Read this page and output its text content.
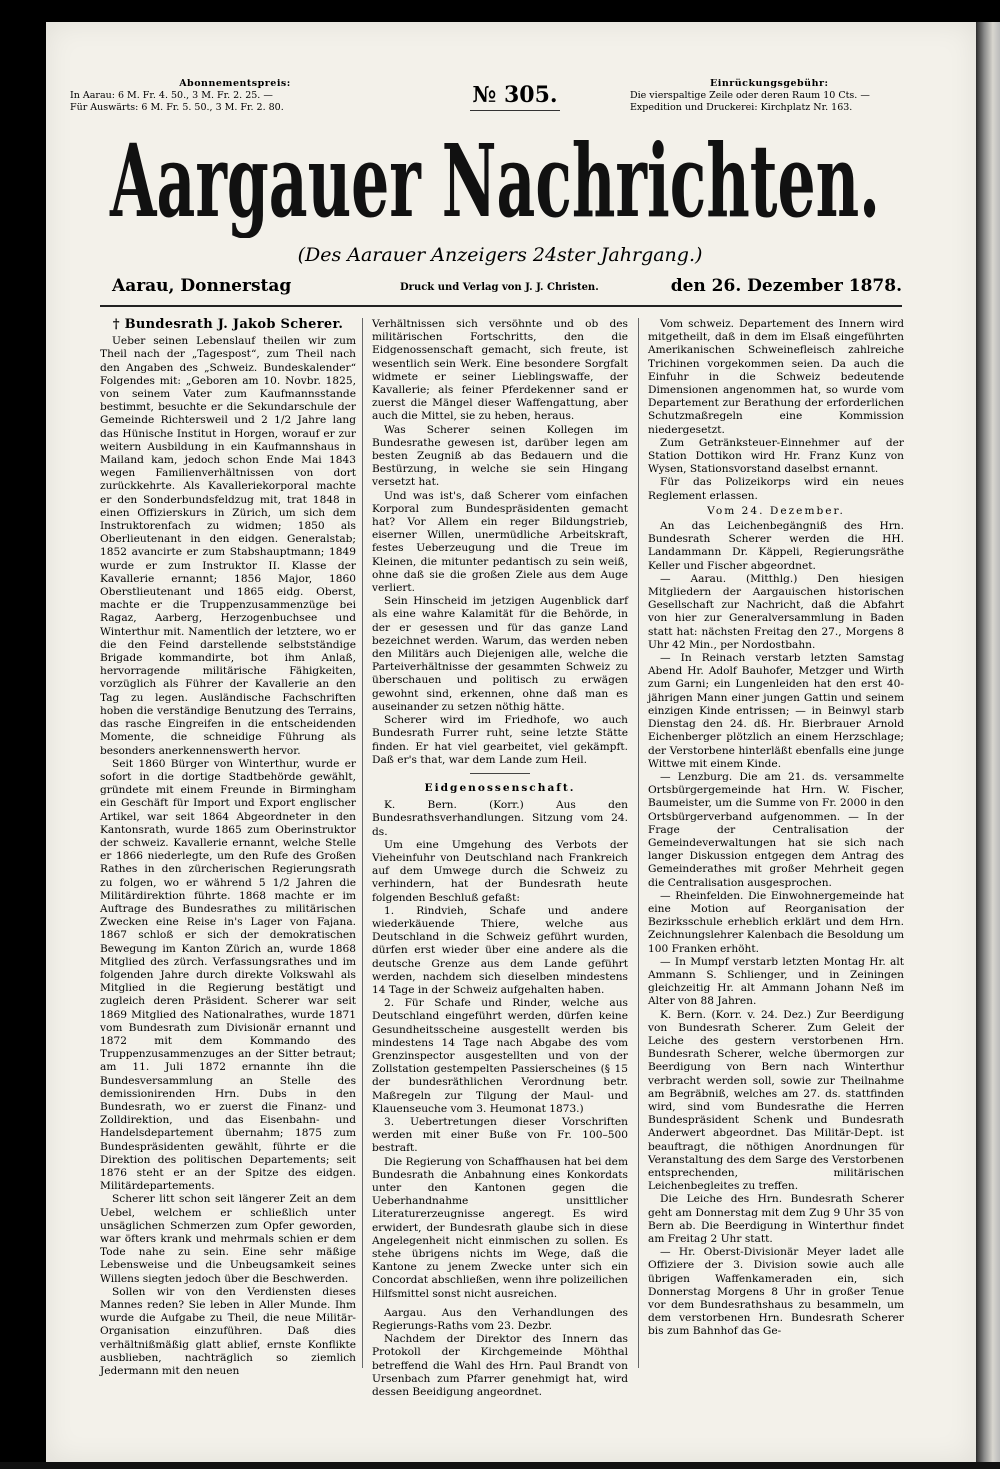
Abonnementspreis:
In Aarau: 6 M. Fr. 4. 50., 3 M. Fr. 2. 25. —
Für Auswärts: 6 M. Fr. 5. 50., 3 M. Fr. 2. 80.	№ 305.	Einrückungsgebühr:
Die vierspaltige Zeile oder deren Raum 10 Cts. —
Expedition und Druckerei: Kirchplatz Nr. 163.
Aargauer Nachrichten.
(Des Aarauer Anzeigers 24ster Jahrgang.)
Aarau, Donnerstag	Druck und Verlag von J. J. Christen.	den 26. Dezember 1878.
† Bundesrath J. Jakob Scherer.

Ueber seinen Lebenslauf theilen wir zum Theil nach der „Tagespost“, zum Theil nach den Angaben des „Schweiz. Bundeskalender“ Folgendes mit: „Geboren am 10. Novbr. 1825, von seinem Vater zum Kaufmannsstande bestimmt, besuchte er die Sekundarschule der Gemeinde Richtersweil und 2 1/2 Jahre lang das Hünische Institut in Horgen, worauf er zur weitern Ausbildung in ein Kaufmannshaus in Mailand kam, jedoch schon Ende Mai 1843 wegen Familienverhältnissen von dort zurückkehrte. Als Kavalleriekorporal machte er den Sonderbundsfeldzug mit, trat 1848 in einen Offizierskurs in Zürich, um sich dem Instruktorenfach zu widmen; 1850 als Oberlieutenant in den eidgen. Generalstab; 1852 avancirte er zum Stabshauptmann; 1849 wurde er zum Instruktor II. Klasse der Kavallerie ernannt; 1856 Major, 1860 Oberstlieutenant und 1865 eidg. Oberst, machte er die Truppenzusammenzüge bei Ragaz, Aarberg, Herzogenbuchsee und Winterthur mit. Namentlich der letztere, wo er die den Feind darstellende selbstständige Brigade kommandirte, bot ihm Anlaß, hervorragende militärische Fähigkeiten, vorzüglich als Führer der Kavallerie an den Tag zu legen. Ausländische Fachschriften hoben die verständige Benutzung des Terrains, das rasche Eingreifen in die entscheidenden Momente, die schneidige Führung als besonders anerkennenswerth hervor.

Seit 1860 Bürger von Winterthur, wurde er sofort in die dortige Stadtbehörde gewählt, gründete mit einem Freunde in Birmingham ein Geschäft für Import und Export englischer Artikel, war seit 1864 Abgeordneter in den Kantonsrath, wurde 1865 zum Oberinstruktor der schweiz. Kavallerie ernannt, welche Stelle er 1866 niederlegte, um den Rufe des Großen Rathes in den zürcherischen Regierungsrath zu folgen, wo er während 5 1/2 Jahren die Militärdirektion führte. 1868 machte er im Auftrage des Bundesrathes zu militärischen Zwecken eine Reise in's Lager von Fajana. 1867 schloß er sich der demokratischen Bewegung im Kanton Zürich an, wurde 1868 Mitglied des zürch. Verfassungsrathes und im folgenden Jahre durch direkte Volkswahl als Mitglied in die Regierung bestätigt und zugleich deren Präsident. Scherer war seit 1869 Mitglied des Nationalrathes, wurde 1871 vom Bundesrath zum Divisionär ernannt und 1872 mit dem Kommando des Truppenzusammenzuges an der Sitter betraut; am 11. Juli 1872 ernannte ihn die Bundesversammlung an Stelle des demissionirenden Hrn. Dubs in den Bundesrath, wo er zuerst die Finanz- und Zolldirektion, und das Eisenbahn- und Handelsdepartement übernahm; 1875 zum Bundespräsidenten gewählt, führte er die Direktion des politischen Departements; seit 1876 steht er an der Spitze des eidgen. Militärdepartements.

Scherer litt schon seit längerer Zeit an dem Uebel, welchem er schließlich unter unsäglichen Schmerzen zum Opfer geworden, war öfters krank und mehrmals schien er dem Tode nahe zu sein. Eine sehr mäßige Lebensweise und die Unbeugsamkeit seines Willens siegten jedoch über die Beschwerden.

Sollen wir von den Verdiensten dieses Mannes reden? Sie leben in Aller Munde. Ihm wurde die Aufgabe zu Theil, die neue Militär-Organisation einzuführen. Daß dies verhältnißmäßig glatt ablief, ernste Konflikte ausblieben, nachträglich so ziemlich Jedermann mit den neuen

Verhältnissen sich versöhnte und ob des militärischen Fortschritts, den die Eidgenossenschaft gemacht, sich freute, ist wesentlich sein Werk. Eine besondere Sorgfalt widmete er seiner Lieblingswaffe, der Kavallerie; als feiner Pferdekenner sand er zuerst die Mängel dieser Waffengattung, aber auch die Mittel, sie zu heben, heraus.

Was Scherer seinen Kollegen im Bundesrathe gewesen ist, darüber legen am besten Zeugniß ab das Bedauern und die Bestürzung, in welche sie sein Hingang versetzt hat.

Und was ist's, daß Scherer vom einfachen Korporal zum Bundespräsidenten gemacht hat? Vor Allem ein reger Bildungstrieb, eiserner Willen, unermüdliche Arbeitskraft, festes Ueberzeugung und die Treue im Kleinen, die mitunter pedantisch zu sein weiß, ohne daß sie die großen Ziele aus dem Auge verliert.

Sein Hinscheid im jetzigen Augenblick darf als eine wahre Kalamität für die Behörde, in der er gesessen und für das ganze Land bezeichnet werden. Warum, das werden neben den Militärs auch Diejenigen alle, welche die Parteiverhältnisse der gesammten Schweiz zu überschauen und politisch zu erwägen gewohnt sind, erkennen, ohne daß man es auseinander zu setzen nöthig hätte.

Scherer wird im Friedhofe, wo auch Bundesrath Furrer ruht, seine letzte Stätte finden. Er hat viel gearbeitet, viel gekämpft. Daß er's that, war dem Lande zum Heil.

Eidgenossenschaft.

K. Bern. (Korr.) Aus den Bundesrathsverhandlungen. Sitzung vom 24. ds.

Um eine Umgehung des Verbots der Vieheinfuhr von Deutschland nach Frankreich auf dem Umwege durch die Schweiz zu verhindern, hat der Bundesrath heute folgenden Beschluß gefaßt:

1. Rindvieh, Schafe und andere wiederkäuende Thiere, welche aus Deutschland in die Schweiz geführt wurden, dürfen erst wieder über eine andere als die deutsche Grenze aus dem Lande geführt werden, nachdem sich dieselben mindestens 14 Tage in der Schweiz aufgehalten haben.

2. Für Schafe und Rinder, welche aus Deutschland eingeführt werden, dürfen keine Gesundheitsscheine ausgestellt werden bis mindestens 14 Tage nach Abgabe des vom Grenzinspector ausgestellten und von der Zollstation gestempelten Passierscheines (§ 15 der bundesräthlichen Verordnung betr. Maßregeln zur Tilgung der Maul- und Klauenseuche vom 3. Heumonat 1873.)

3. Uebertretungen dieser Vorschriften werden mit einer Buße von Fr. 100–500 bestraft.

Die Regierung von Schaffhausen hat bei dem Bundesrath die Anbahnung eines Konkordats unter den Kantonen gegen die Ueberhandnahme unsittlicher Literaturerzeugnisse angeregt. Es wird erwidert, der Bundesrath glaube sich in diese Angelegenheit nicht einmischen zu sollen. Es stehe übrigens nichts im Wege, daß die Kantone zu jenem Zwecke unter sich ein Concordat abschließen, wenn ihre polizeilichen Hilfsmittel sonst nicht ausreichen.

Aargau. Aus den Verhandlungen des Regierungs-Raths vom 23. Dezbr.

Nachdem der Direktor des Innern das Protokoll der Kirchgemeinde Möhthal betreffend die Wahl des Hrn. Paul Brandt von Ursenbach zum Pfarrer genehmigt hat, wird dessen Beeidigung angeordnet.

Vom schweiz. Departement des Innern wird mitgetheilt, daß in dem im Elsaß eingeführten Amerikanischen Schweinefleisch zahlreiche Trichinen vorgekommen seien. Da auch die Einfuhr in die Schweiz bedeutende Dimensionen angenommen hat, so wurde vom Departement zur Berathung der erforderlichen Schutzmaßregeln eine Kommission niedergesetzt.

Zum Getränksteuer-Einnehmer auf der Station Dottikon wird Hr. Franz Kunz von Wysen, Stationsvorstand daselbst ernannt.

Für das Polizeikorps wird ein neues Reglement erlassen.

Vom 24. Dezember.

An das Leichenbegängniß des Hrn. Bundesrath Scherer werden die HH. Landammann Dr. Käppeli, Regierungsräthe Keller und Fischer abgeordnet.

— Aarau. (Mitthlg.) Den hiesigen Mitgliedern der Aargauischen historischen Gesellschaft zur Nachricht, daß die Abfahrt von hier zur Generalversammlung in Baden statt hat: nächsten Freitag den 27., Morgens 8 Uhr 42 Min., per Nordostbahn.

— In Reinach verstarb letzten Samstag Abend Hr. Adolf Bauhofer, Metzger und Wirth zum Garni; ein Lungenleiden hat den erst 40-jährigen Mann einer jungen Gattin und seinem einzigen Kinde entrissen; — in Beinwyl starb Dienstag den 24. dß. Hr. Bierbrauer Arnold Eichenberger plötzlich an einem Herzschlage; der Verstorbene hinterläßt ebenfalls eine junge Wittwe mit einem Kinde.

— Lenzburg. Die am 21. ds. versammelte Ortsbürgergemeinde hat Hrn. W. Fischer, Baumeister, um die Summe von Fr. 2000 in den Ortsbürgerverband aufgenommen. — In der Frage der Centralisation der Gemeindeverwaltungen hat sie sich nach langer Diskussion entgegen dem Antrag des Gemeinderathes mit großer Mehrheit gegen die Centralisation ausgesprochen.

— Rheinfelden. Die Einwohnergemeinde hat eine Motion auf Reorganisation der Bezirksschule erheblich erklärt und dem Hrn. Zeichnungslehrer Kalenbach die Besoldung um 100 Franken erhöht.

— In Mumpf verstarb letzten Montag Hr. alt Ammann S. Schlienger, und in Zeiningen gleichzeitig Hr. alt Ammann Johann Neß im Alter von 88 Jahren.

K. Bern. (Korr. v. 24. Dez.) Zur Beerdigung von Bundesrath Scherer. Zum Geleit der Leiche des gestern verstorbenen Hrn. Bundesrath Scherer, welche übermorgen zur Beerdigung von Bern nach Winterthur verbracht werden soll, sowie zur Theilnahme am Begräbniß, welches am 27. ds. stattfinden wird, sind vom Bundesrathe die Herren Bundespräsident Schenk und Bundesrath Anderwert abgeordnet. Das Militär-Dept. ist beauftragt, die nöthigen Anordnungen für Veranstaltung des dem Sarge des Verstorbenen entsprechenden, militärischen Leichenbegleites zu treffen.

Die Leiche des Hrn. Bundesrath Scherer geht am Donnerstag mit dem Zug 9 Uhr 35 von Bern ab. Die Beerdigung in Winterthur findet am Freitag 2 Uhr statt.

— Hr. Oberst-Divisionär Meyer ladet alle Offiziere der 3. Division sowie auch alle übrigen Waffenkameraden ein, sich Donnerstag Morgens 8 Uhr in großer Tenue vor dem Bundesrathshaus zu besammeln, um dem verstorbenen Hrn. Bundesrath Scherer bis zum Bahnhof das Ge-
